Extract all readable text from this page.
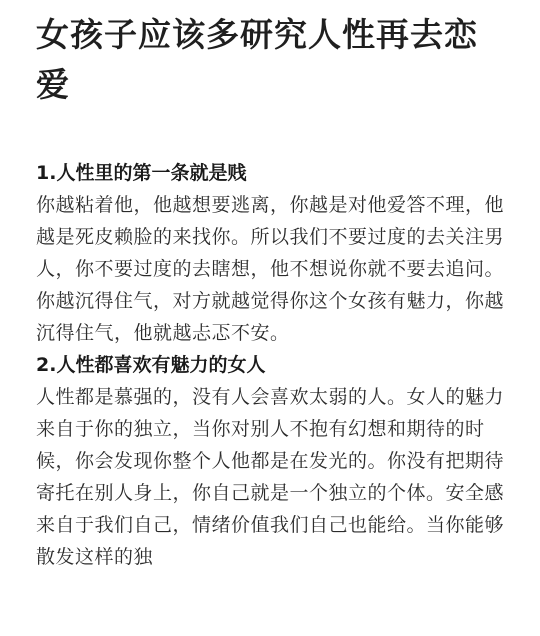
女孩子应该多研究人性再去恋爱

1.人性里的第一条就是贱

你越粘着他，他越想要逃离，你越是对他爱答不理，他越是死皮赖脸的来找你。所以我们不要过度的去关注男人，你不要过度的去瞎想，他不想说你就不要去追问。你越沉得住气，对方就越觉得你这个女孩有魅力，你越沉得住气，他就越忐忑不安。

2.人性都喜欢有魅力的女人

人性都是慕强的，没有人会喜欢太弱的人。女人的魅力来自于你的独立，当你对别人不抱有幻想和期待的时候，你会发现你整个人他都是在发光的。你没有把期待寄托在别人身上，你自己就是一个独立的个体。安全感来自于我们自己，情绪价值我们自己也能给。当你能够散发这样的独
